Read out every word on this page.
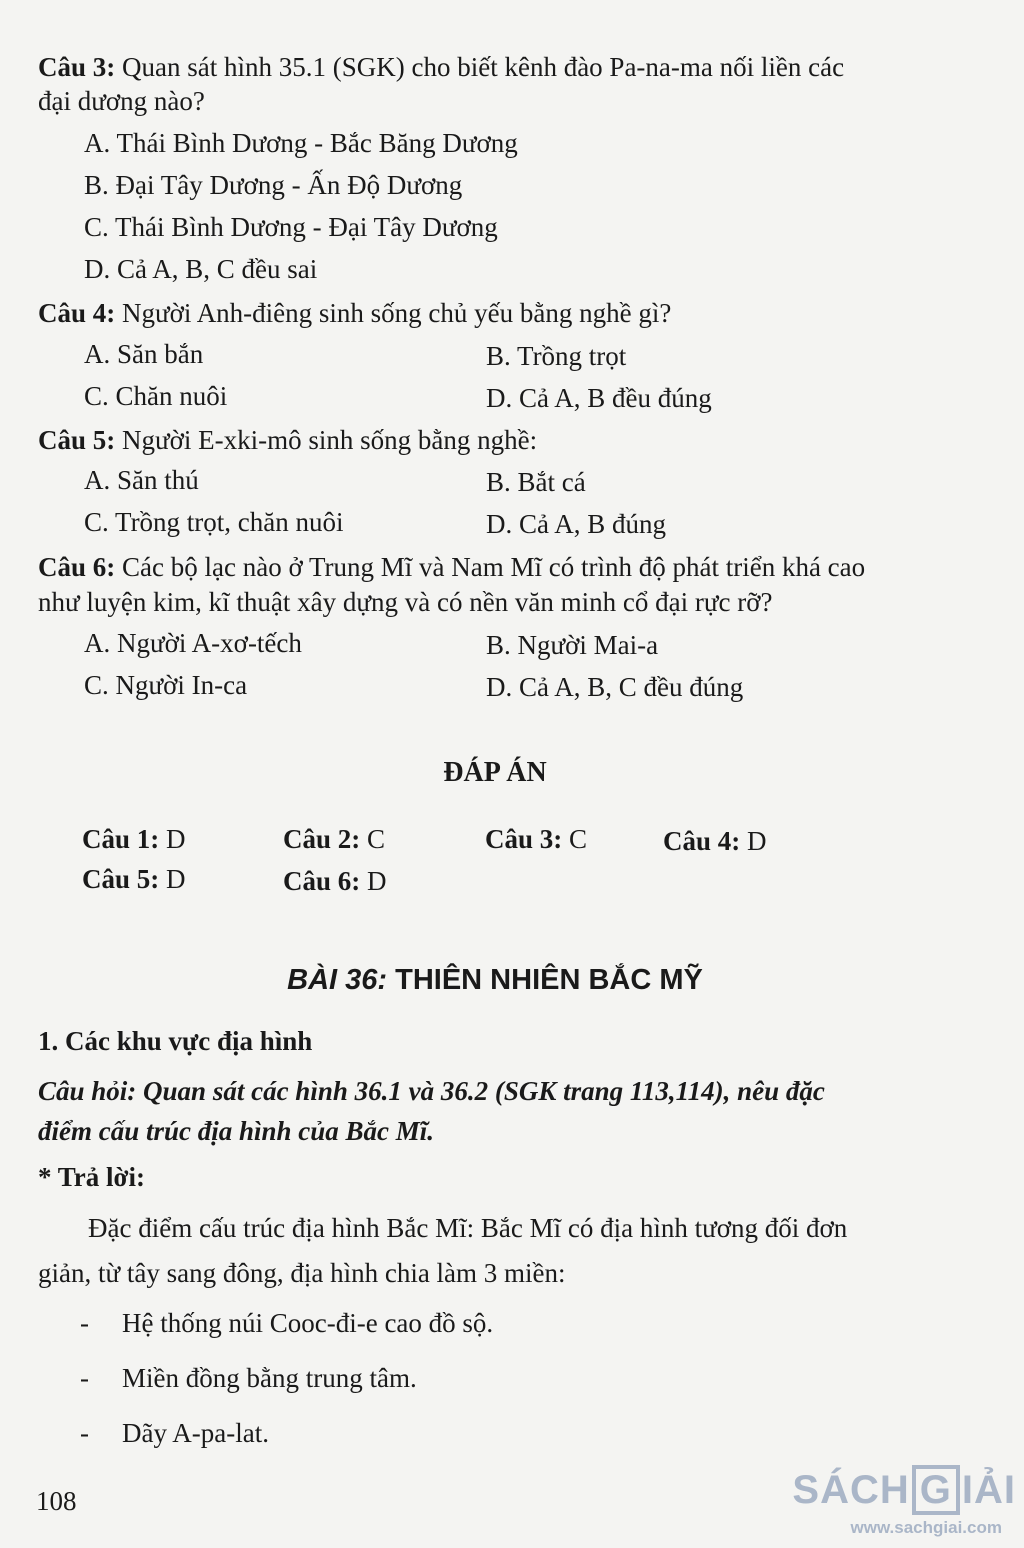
Câu 3: Quan sát hình 35.1 (SGK) cho biết kênh đào Pa-na-ma nối liền các
đại dương nào?
A. Thái Bình Dương - Bắc Băng Dương
B. Đại Tây Dương - Ấn Độ Dương
C. Thái Bình Dương - Đại Tây Dương
D. Cả A, B, C đều sai
Câu 4: Người Anh-điêng sinh sống chủ yếu bằng nghề gì?
A. Săn bắn	B. Trồng trọt
C. Chăn nuôi	D. Cả A, B đều đúng
Câu 5: Người E-xki-mô sinh sống bằng nghề:
A. Săn thú	B. Bắt cá
C. Trồng trọt, chăn nuôi	D. Cả A, B đúng
Câu 6: Các bộ lạc nào ở Trung Mĩ và Nam Mĩ có trình độ phát triển khá cao
như luyện kim, kĩ thuật xây dựng và có nền văn minh cổ đại rực rỡ?
A. Người A-xơ-tếch	B. Người Mai-a
C. Người In-ca	D. Cả A, B, C đều đúng
ĐÁP ÁN
Câu 1: D	Câu 2: C	Câu 3: C	Câu 4: D
Câu 5: D	Câu 6: D
BÀI 36: THIÊN NHIÊN BẮC MỸ
1. Các khu vực địa hình
Câu hỏi: Quan sát các hình 36.1 và 36.2 (SGK trang 113,114), nêu đặc
điểm cấu trúc địa hình của Bắc Mĩ.
* Trả lời:
Đặc điểm cấu trúc địa hình Bắc Mĩ: Bắc Mĩ có địa hình tương đối đơn
giản, từ tây sang đông, địa hình chia làm 3 miền:
- Hệ thống núi Cooc-đi-e cao đồ sộ.
- Miền đồng bằng trung tâm.
- Dãy A-pa-lat.
108	SÁCH G IẢI
www.sachgiai.com
